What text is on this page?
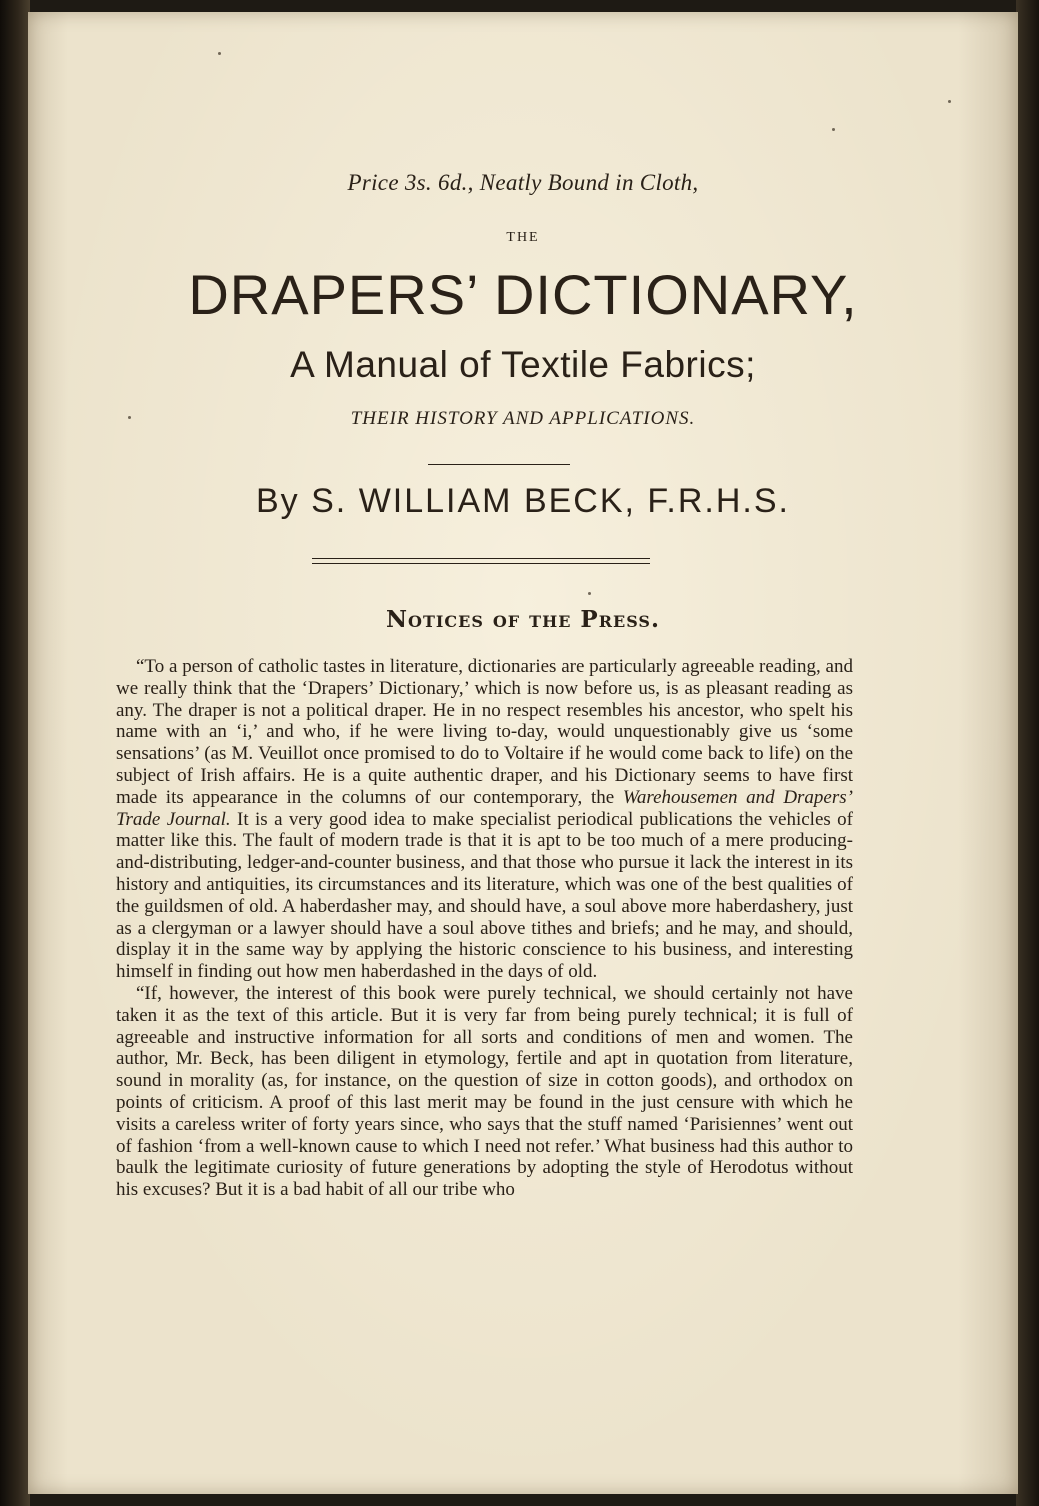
Price 3s. 6d., Neatly Bound in Cloth,
THE
DRAPERS’ DICTIONARY,
A Manual of Textile Fabrics;
THEIR HISTORY AND APPLICATIONS.
By S. WILLIAM BECK, F.R.H.S.
Notices of the Press.

“To a person of catholic tastes in literature, dictionaries are particularly agreeable reading, and we really think that the ‘Drapers’ Dictionary,’ which is now before us, is as pleasant reading as any. The draper is not a political draper. He in no respect resembles his ancestor, who spelt his name with an ‘i,’ and who, if he were living to-day, would unquestionably give us ‘some sensations’ (as M. Veuillot once promised to do to Voltaire if he would come back to life) on the subject of Irish affairs. He is a quite authentic draper, and his Dictionary seems to have first made its appearance in the columns of our contemporary, the Warehousemen and Drapers’ Trade Journal. It is a very good idea to make specialist periodical publications the vehicles of matter like this. The fault of modern trade is that it is apt to be too much of a mere producing-and-distributing, ledger-and-counter business, and that those who pursue it lack the interest in its history and antiquities, its circumstances and its literature, which was one of the best qualities of the guildsmen of old. A haberdasher may, and should have, a soul above more haberdashery, just as a clergyman or a lawyer should have a soul above tithes and briefs; and he may, and should, display it in the same way by applying the historic conscience to his business, and interesting himself in finding out how men haberdashed in the days of old.

“If, however, the interest of this book were purely technical, we should certainly not have taken it as the text of this article. But it is very far from being purely technical; it is full of agreeable and instructive information for all sorts and conditions of men and women. The author, Mr. Beck, has been diligent in etymology, fertile and apt in quotation from literature, sound in morality (as, for instance, on the question of size in cotton goods), and orthodox on points of criticism. A proof of this last merit may be found in the just censure with which he visits a careless writer of forty years since, who says that the stuff named ‘Parisiennes’ went out of fashion ‘from a well-known cause to which I need not refer.’ What business had this author to baulk the legitimate curiosity of future generations by adopting the style of Herodotus without his excuses? But it is a bad habit of all our tribe who
